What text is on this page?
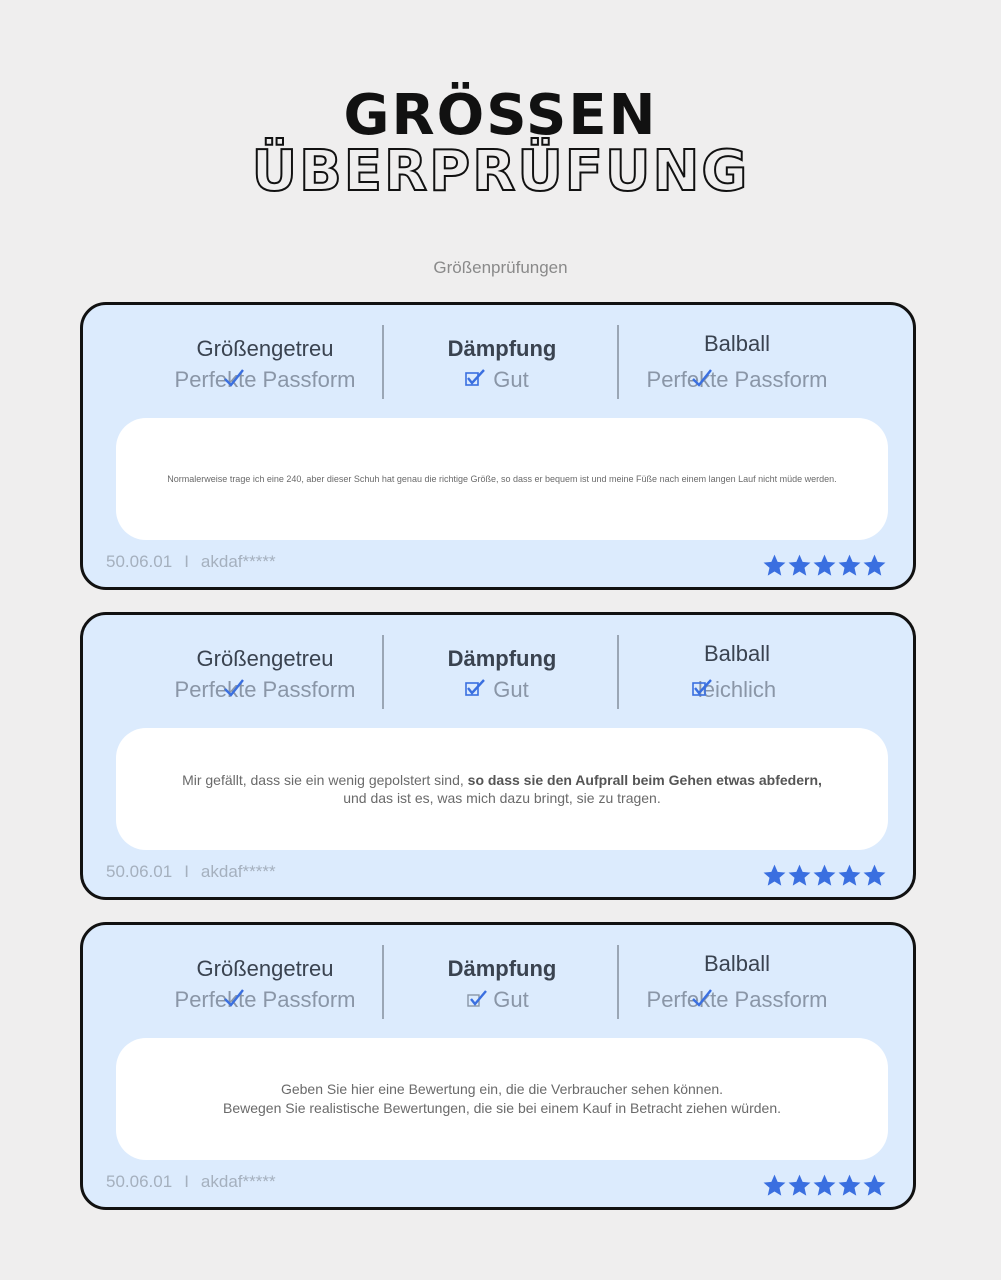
GRÖSSEN
ÜBERPRÜFUNG
Größenprüfungen
Größengetreu
Perfekte Passform
Dämpfung
Gut
Balball
Perfekte Passform
Normalerweise trage ich eine 240, aber dieser Schuh hat genau die richtige Größe, so dass er bequem ist und meine Füße nach einem langen Lauf nicht müde werden.
50.06.01 I akdaf*****
Größengetreu
Perfekte Passform
Dämpfung
Gut
Balball
leichlich
Mir gefällt, dass sie ein wenig gepolstert sind, so dass sie den Aufprall beim Gehen etwas abfedern,
und das ist es, was mich dazu bringt, sie zu tragen.
50.06.01 I akdaf*****
Größengetreu
Perfekte Passform
Dämpfung
Gut
Balball
Perfekte Passform
Geben Sie hier eine Bewertung ein, die die Verbraucher sehen können.
Bewegen Sie realistische Bewertungen, die sie bei einem Kauf in Betracht ziehen würden.
50.06.01 I akdaf*****
